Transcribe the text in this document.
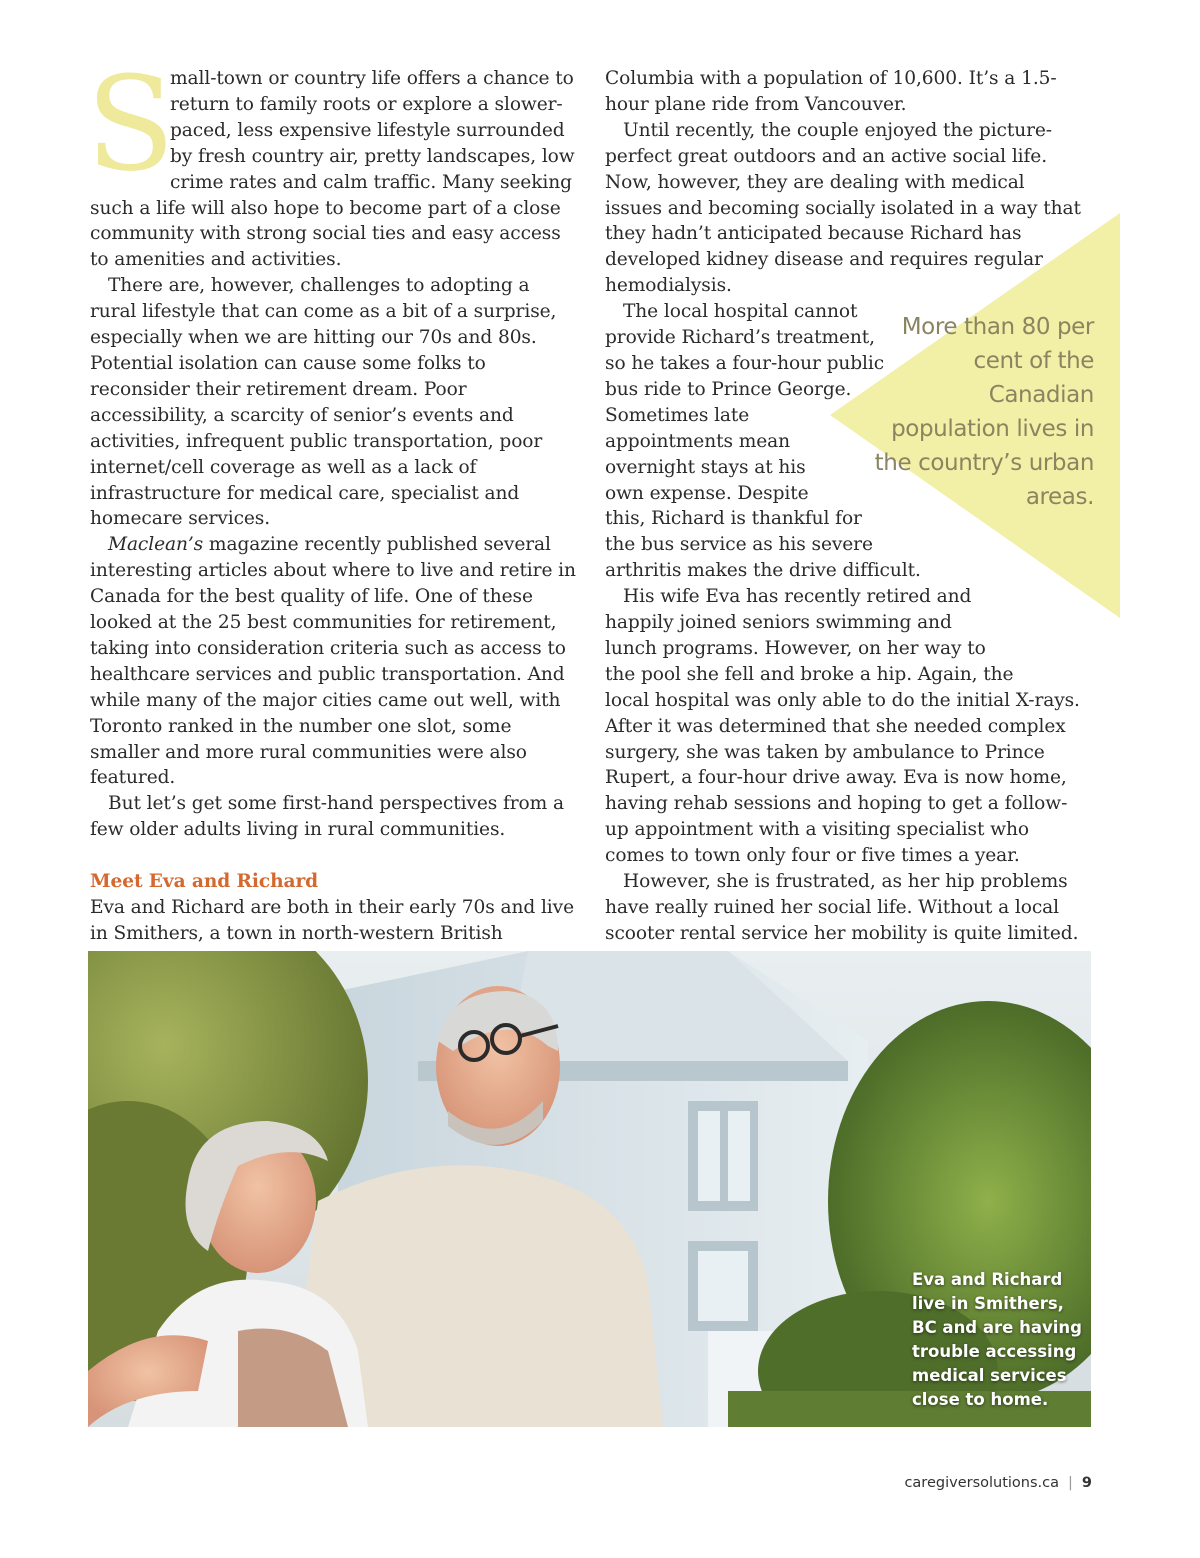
S
mall-town or country life offers a chance to return to family roots or explore a slower-paced, less expensive lifestyle surrounded by fresh country air, pretty landscapes, low crime rates and calm traffic. Many seeking such a life will also hope to become part of a close community with strong social ties and easy access to amenities and activities.

There are, however, challenges to adopting a rural lifestyle that can come as a bit of a surprise, especially when we are hitting our 70s and 80s. Potential isolation can cause some folks to reconsider their retirement dream. Poor accessibility, a scarcity of senior’s events and activities, infrequent public transportation, poor internet/cell coverage as well as a lack of infrastructure for medical care, specialist and homecare services.

Maclean’s magazine recently published several interesting articles about where to live and retire in Canada for the best quality of life. One of these looked at the 25 best communities for retirement, taking into consideration criteria such as access to healthcare services and public transportation. And while many of the major cities came out well, with Toronto ranked in the number one slot, some smaller and more rural communities were also featured.

But let’s get some first-hand perspectives from a few older adults living in rural communities.

Meet Eva and Richard

Eva and Richard are both in their early 70s and live in Smithers, a town in north-western British

Columbia with a population of 10,600. It’s a 1.5-hour plane ride from Vancouver.

Until recently, the couple enjoyed the picture-perfect great outdoors and an active social life. Now, however, they are dealing with medical issues and becoming socially isolated in a way that they hadn’t anticipated because Richard has developed kidney disease and requires regular hemodialysis.

The local hospital cannot provide Richard’s treatment, so he takes a four-hour public bus ride to Prince George. Sometimes late appointments mean overnight stays at his own expense. Despite this, Richard is thankful for the bus service as his severe arthritis makes the drive difficult.

His wife Eva has recently retired and happily joined seniors swimming and lunch programs. However, on her way to the pool she fell and broke a hip. Again, the local hospital was only able to do the initial X-rays. After it was determined that she needed complex surgery, she was taken by ambulance to Prince Rupert, a four-hour drive away. Eva is now home, having rehab sessions and hoping to get a follow-up appointment with a visiting specialist who comes to town only four or five times a year.

However, she is frustrated, as her hip problems have really ruined her social life. Without a local scooter rental service her mobility is quite limited.

More than 80 per cent of the Canadian population lives in the country’s urban areas.
Eva and Richard live in Smithers, BC and are having trouble accessing medical services close to home.
caregiversolutions.ca | 9
